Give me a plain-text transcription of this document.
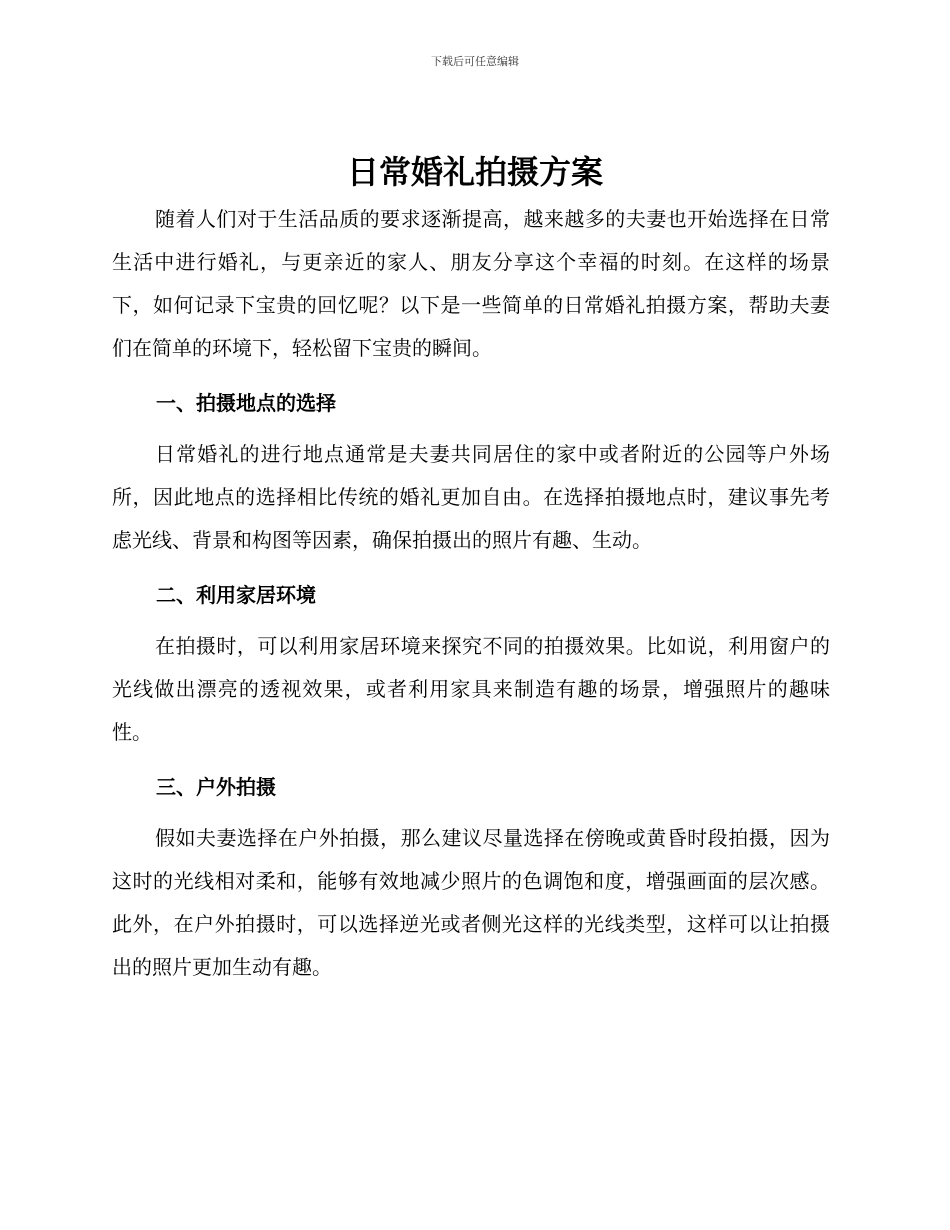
下载后可任意编辑
日常婚礼拍摄方案

随着人们对于生活品质的要求逐渐提高，越来越多的夫妻也开始选择在日常生活中进行婚礼，与更亲近的家人、朋友分享这个幸福的时刻。在这样的场景下，如何记录下宝贵的回忆呢？以下是一些简单的日常婚礼拍摄方案，帮助夫妻们在简单的环境下，轻松留下宝贵的瞬间。

一、拍摄地点的选择

日常婚礼的进行地点通常是夫妻共同居住的家中或者附近的公园等户外场所，因此地点的选择相比传统的婚礼更加自由。在选择拍摄地点时，建议事先考虑光线、背景和构图等因素，确保拍摄出的照片有趣、生动。

二、利用家居环境

在拍摄时，可以利用家居环境来探究不同的拍摄效果。比如说，利用窗户的光线做出漂亮的透视效果，或者利用家具来制造有趣的场景，增强照片的趣味性。

三、户外拍摄

假如夫妻选择在户外拍摄，那么建议尽量选择在傍晚或黄昏时段拍摄，因为这时的光线相对柔和，能够有效地减少照片的色调饱和度，增强画面的层次感。此外，在户外拍摄时，可以选择逆光或者侧光这样的光线类型，这样可以让拍摄出的照片更加生动有趣。
